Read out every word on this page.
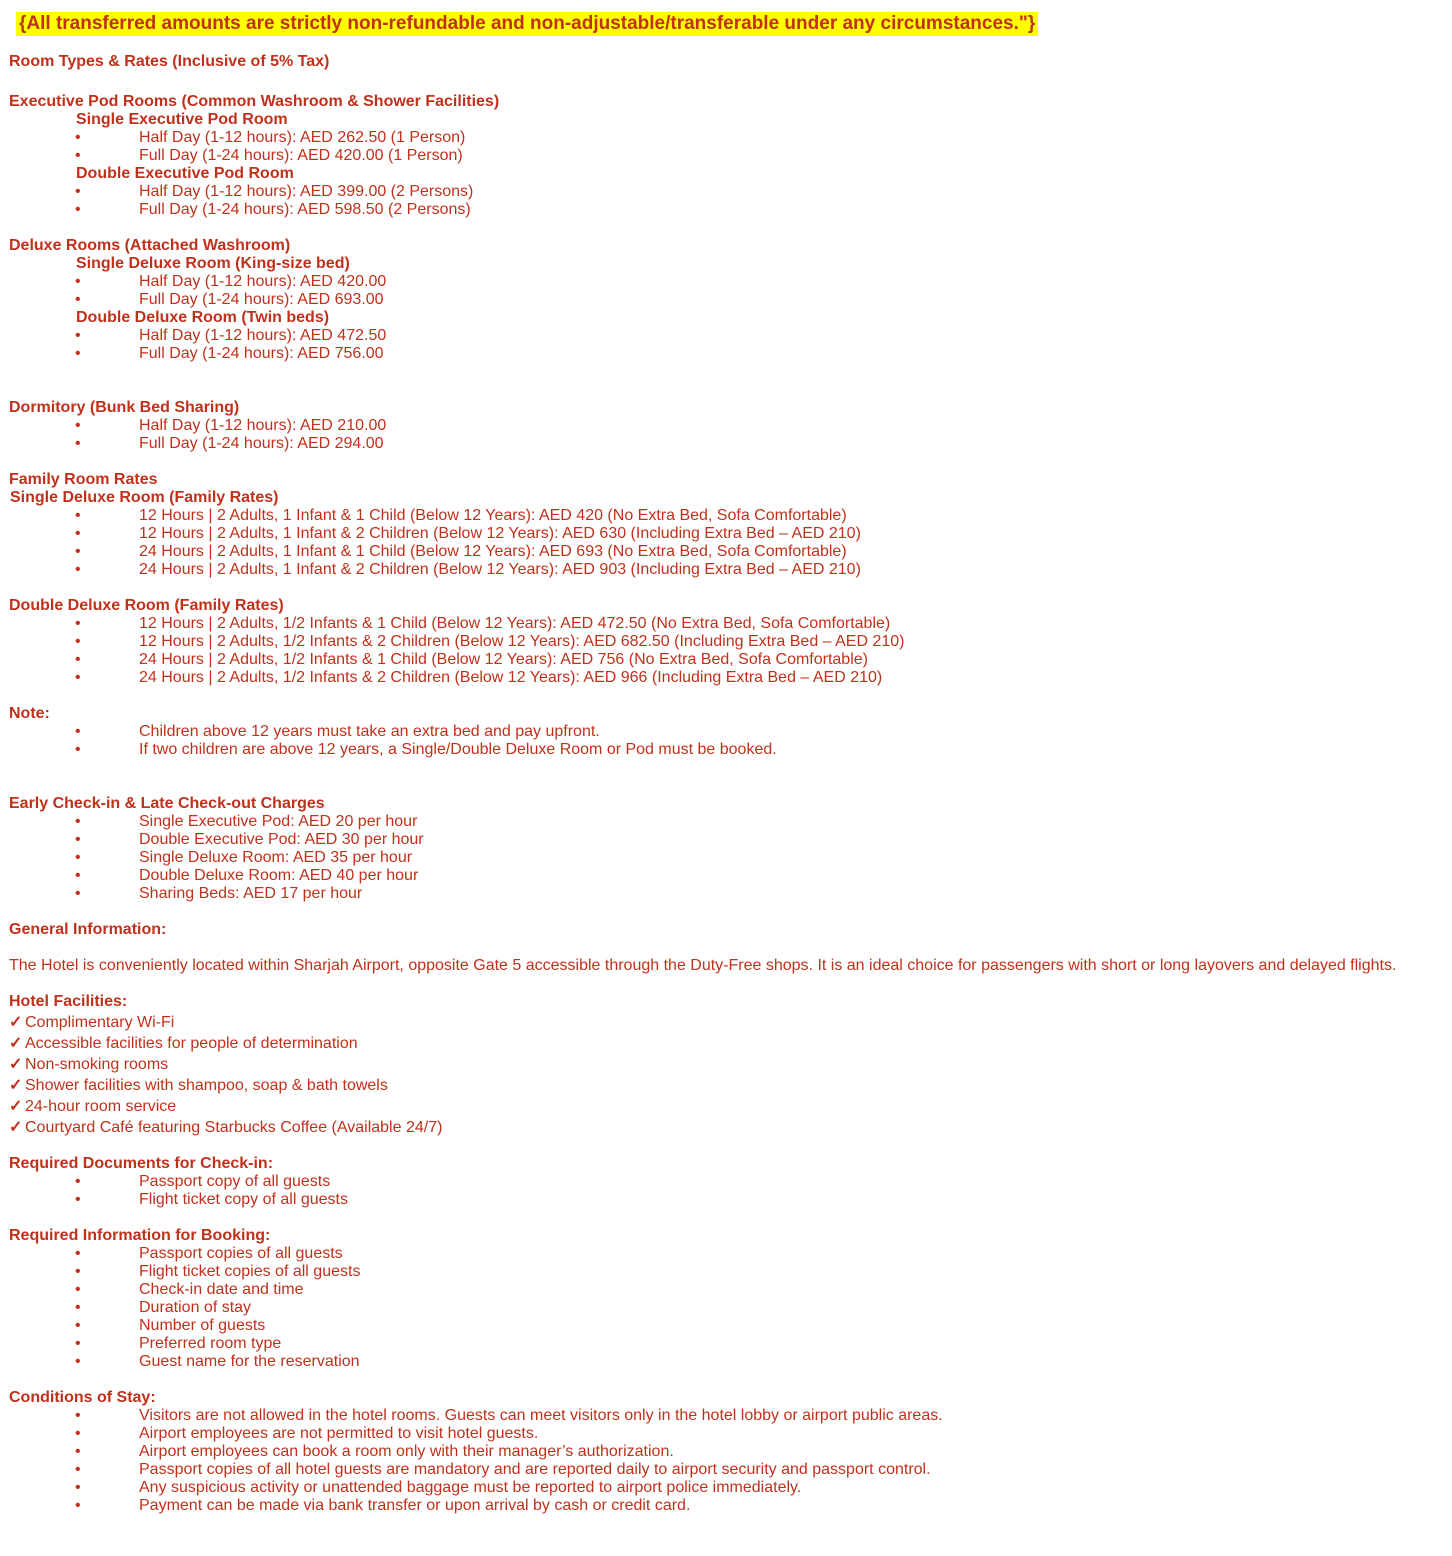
{All transferred amounts are strictly non-refundable and non-adjustable/transferable under any circumstances."}
Room Types & Rates (Inclusive of 5% Tax)
Executive Pod Rooms (Common Washroom & Shower Facilities)
Single Executive Pod Room
•	Half Day (1-12 hours): AED 262.50 (1 Person)
•	Full Day (1-24 hours): AED 420.00 (1 Person)
Double Executive Pod Room
•	Half Day (1-12 hours): AED 399.00 (2 Persons)
•	Full Day (1-24 hours): AED 598.50 (2 Persons)
Deluxe Rooms (Attached Washroom)
Single Deluxe Room (King-size bed)
•	Half Day (1-12 hours): AED 420.00
•	Full Day (1-24 hours): AED 693.00
Double Deluxe Room (Twin beds)
•	Half Day (1-12 hours): AED 472.50
•	Full Day (1-24 hours): AED 756.00
Dormitory (Bunk Bed Sharing)
•	Half Day (1-12 hours): AED 210.00
•	Full Day (1-24 hours): AED 294.00
Family Room Rates
Single Deluxe Room (Family Rates)
•	12 Hours | 2 Adults, 1 Infant & 1 Child (Below 12 Years): AED 420 (No Extra Bed, Sofa Comfortable)
•	12 Hours | 2 Adults, 1 Infant & 2 Children (Below 12 Years): AED 630 (Including Extra Bed – AED 210)
•	24 Hours | 2 Adults, 1 Infant & 1 Child (Below 12 Years): AED 693 (No Extra Bed, Sofa Comfortable)
•	24 Hours | 2 Adults, 1 Infant & 2 Children (Below 12 Years): AED 903 (Including Extra Bed – AED 210)
Double Deluxe Room (Family Rates)
•	12 Hours | 2 Adults, 1/2 Infants & 1 Child (Below 12 Years): AED 472.50 (No Extra Bed, Sofa Comfortable)
•	12 Hours | 2 Adults, 1/2 Infants & 2 Children (Below 12 Years): AED 682.50 (Including Extra Bed – AED 210)
•	24 Hours | 2 Adults, 1/2 Infants & 1 Child (Below 12 Years): AED 756 (No Extra Bed, Sofa Comfortable)
•	24 Hours | 2 Adults, 1/2 Infants & 2 Children (Below 12 Years): AED 966 (Including Extra Bed – AED 210)
Note:
•	Children above 12 years must take an extra bed and pay upfront.
•	If two children are above 12 years, a Single/Double Deluxe Room or Pod must be booked.
Early Check-in & Late Check-out Charges
•	Single Executive Pod: AED 20 per hour
•	Double Executive Pod: AED 30 per hour
•	Single Deluxe Room: AED 35 per hour
•	Double Deluxe Room: AED 40 per hour
•	Sharing Beds: AED 17 per hour
General Information:
The Hotel is conveniently located within Sharjah Airport, opposite Gate 5 accessible through the Duty-Free shops. It is an ideal choice for passengers with short or long layovers and delayed flights.
Hotel Facilities:
✓ Complimentary Wi-Fi
✓ Accessible facilities for people of determination
✓ Non-smoking rooms
✓ Shower facilities with shampoo, soap & bath towels
✓ 24-hour room service
✓ Courtyard Café featuring Starbucks Coffee (Available 24/7)
Required Documents for Check-in:
•	Passport copy of all guests
•	Flight ticket copy of all guests
Required Information for Booking:
•	Passport copies of all guests
•	Flight ticket copies of all guests
•	Check-in date and time
•	Duration of stay
•	Number of guests
•	Preferred room type
•	Guest name for the reservation
Conditions of Stay:
•	Visitors are not allowed in the hotel rooms. Guests can meet visitors only in the hotel lobby or airport public areas.
•	Airport employees are not permitted to visit hotel guests.
•	Airport employees can book a room only with their manager’s authorization.
•	Passport copies of all hotel guests are mandatory and are reported daily to airport security and passport control.
•	Any suspicious activity or unattended baggage must be reported to airport police immediately.
•	Payment can be made via bank transfer or upon arrival by cash or credit card.
